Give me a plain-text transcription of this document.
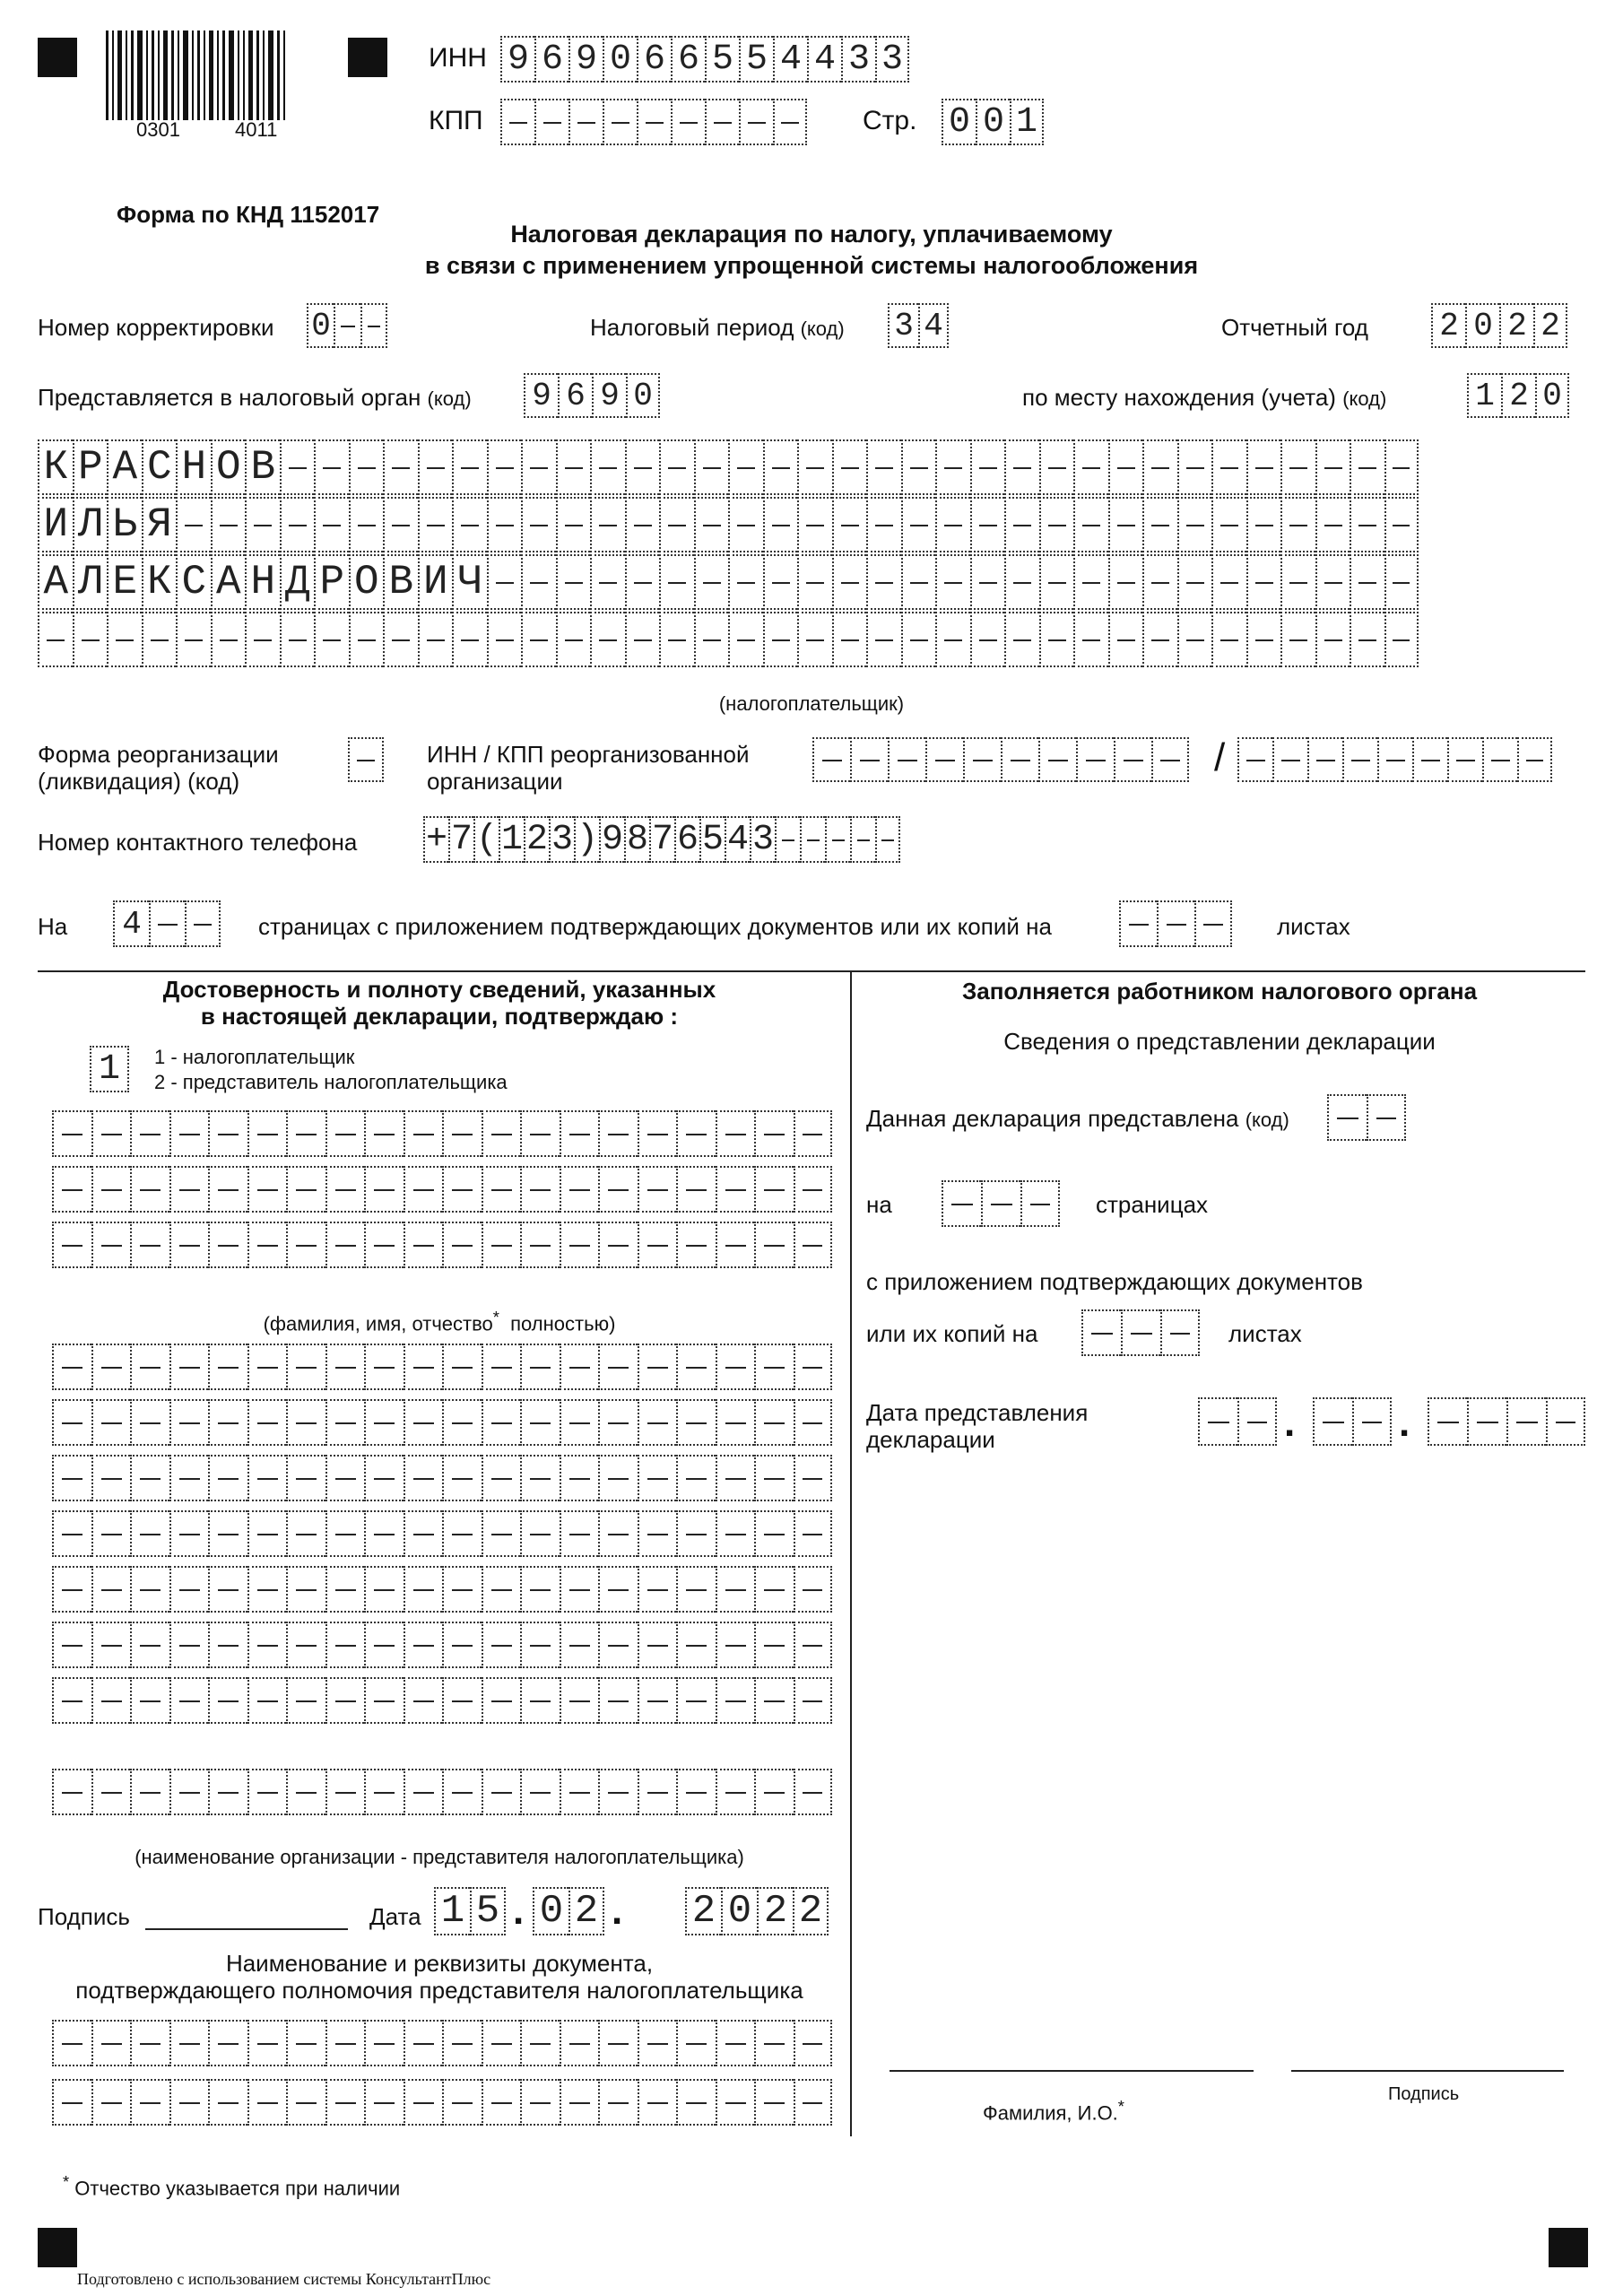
0301	4011
ИНН 9 6 9 0 6 6 5 5 4 4 3 3
КПП	Стр. 0 0 1
Форма по КНД 1152017
Налоговая декларация по налогу, уплачиваемому
в связи с применением упрощенной системы налогообложения
Номер корректировки 0	Налоговый период (код) 3 4	Отчетный год 2 0 2 2
Представляется в налоговый орган (код) 9 6 9 0	по месту нахождения (учета) (код)	1 2 0
К Р А С Н О В
И Л Ь Я
А Л Е К С А Н Д Р О В И Ч
(налогоплательщик)
Форма реорганизации
(ликвидация) (код)
ИНН / КПП реорганизованной
организации
/
Номер контактного телефона + 7 ( 1 2 3 ) 9 8 7 6 5 4 3
На 4	страницах с приложением подтверждающих документов или их копий на	листах
Достоверность и полноту сведений, указанных
в настоящей декларации, подтверждаю :
1	1 - налогоплательщик
2 - представитель налогоплательщика
(фамилия, имя, отчество* полностью)
(наименование организации - представителя налогоплательщика)
Подпись	Дата 1 5 . 0 2 . 2 0 2 2
Наименование и реквизиты документа,
подтверждающего полномочия представителя налогоплательщика
Заполняется работником налогового органа
Сведения о представлении декларации
Данная декларация представлена (код)
на	страницах
с приложением подтверждающих документов
или их копий на	листах
Дата представления
декларации	.	.
Фамилия, И.О.*
Подпись
* Отчество указывается при наличии
Подготовлено с использованием системы КонсультантПлюс
